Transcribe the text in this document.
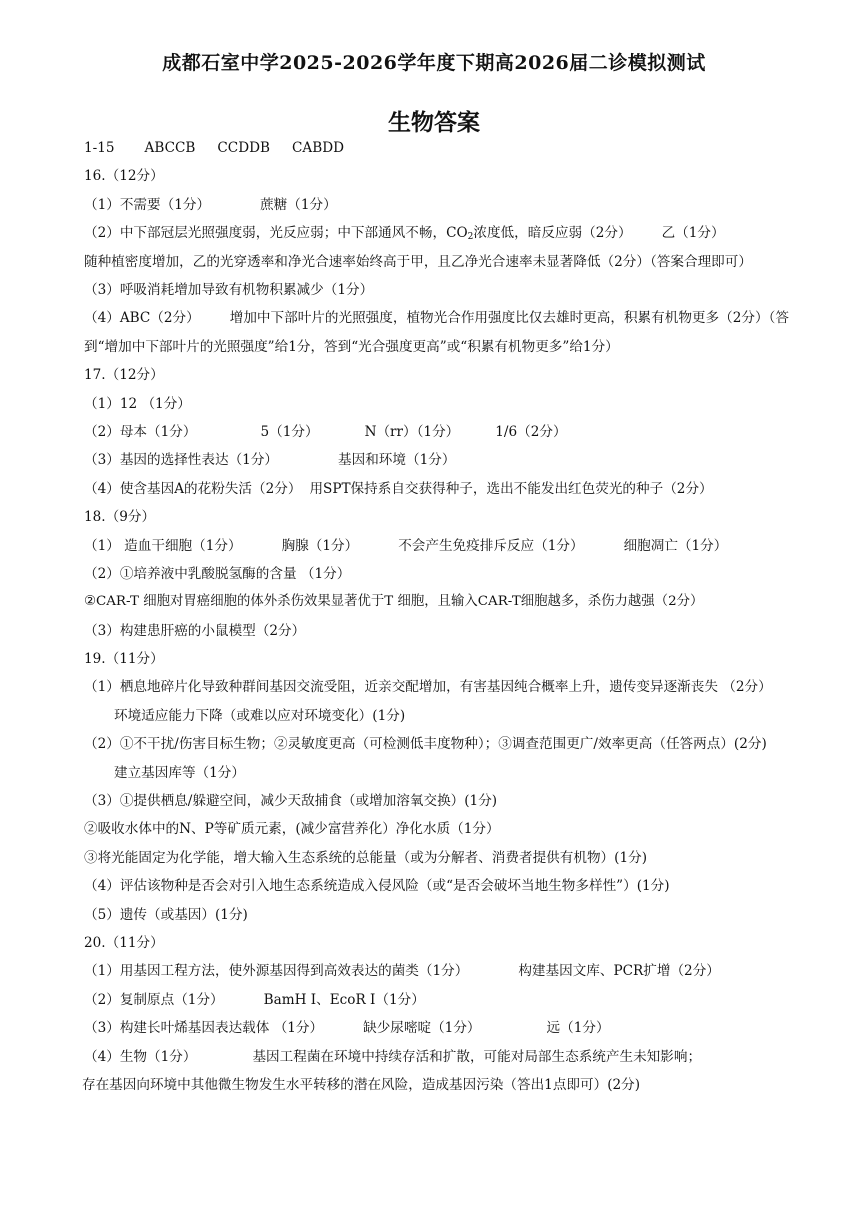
成都石室中学2025-2026学年度下期高2026届二诊模拟测试
生物答案
1-15 ABCCB CCDDB CABDD
16.（12分）
（1）不需要（1分）	蔗糖（1分）
（2）中下部冠层光照强度弱，光反应弱；中下部通风不畅，$CO_2$浓度低，暗反应弱（2分） 乙（1分）
随种植密度增加，乙的光穿透率和净光合速率始终高于甲，且乙净光合速率未显著降低（2分）（答案合理即可）
（3）呼吸消耗增加导致有机物积累减少（1分）
（4）ABC（2分） 增加中下部叶片的光照强度，植物光合作用强度比仅去雄时更高，积累有机物更多（2分）（答到“增加中下部叶片的光照强度”给1分，答到“光合强度更高”或“积累有机物更多”给1分）
17.（12分）
（1）12 （1分）
（2）母本（1分）	5（1分）	N（rr）（1分）	1/6（2分）
（3）基因的选择性表达（1分）	基因和环境（1分）
（4）使含基因A的花粉失活（2分） 用SPT保持系自交获得种子，选出不能发出红色荧光的种子（2分）
18.（9分）
（1） 造血干细胞（1分）	胸腺（1分）	不会产生免疫排斥反应（1分）	细胞凋亡（1分）
（2）①培养液中乳酸脱氢酶的含量 （1分）
②CAR-T 细胞对胃癌细胞的体外杀伤效果显著优于T 细胞，且输入CAR-T细胞越多，杀伤力越强（2分）
（3）构建患肝癌的小鼠模型（2分）
19.（11分）
（1）栖息地碎片化导致种群间基因交流受阻，近亲交配增加，有害基因纯合概率上升，遗传变异逐渐丧失 （2分）环境适应能力下降（或难以应对环境变化）(1分)
（2）①不干扰/伤害目标生物；②灵敏度更高（可检测低丰度物种）；③调查范围更广/效率更高（任答两点）(2分)建立基因库等（1分）
（3）①提供栖息/躲避空间，减少天敌捕食（或增加溶氧交换）(1分)
②吸收水体中的N、P等矿质元素，(减少富营养化）净化水质（1分）
③将光能固定为化学能，增大输入生态系统的总能量（或为分解者、消费者提供有机物）(1分)
（4）评估该物种是否会对引入地生态系统造成入侵风险（或“是否会破坏当地生物多样性”）(1分)
（5）遗传（或基因）(1分)
20.（11分）
（1）用基因工程方法，使外源基因得到高效表达的菌类（1分）	构建基因文库、PCR扩增（2分）
（2）复制原点（1分）	BamH I、EcoR I（1分）
（3）构建长叶烯基因表达载体 （1分）	缺少尿嘧啶（1分）	远（1分）
（4）生物（1分）	基因工程菌在环境中持续存活和扩散，可能对局部生态系统产生未知影响；
存在基因向环境中其他微生物发生水平转移的潜在风险，造成基因污染（答出1点即可）(2分)
